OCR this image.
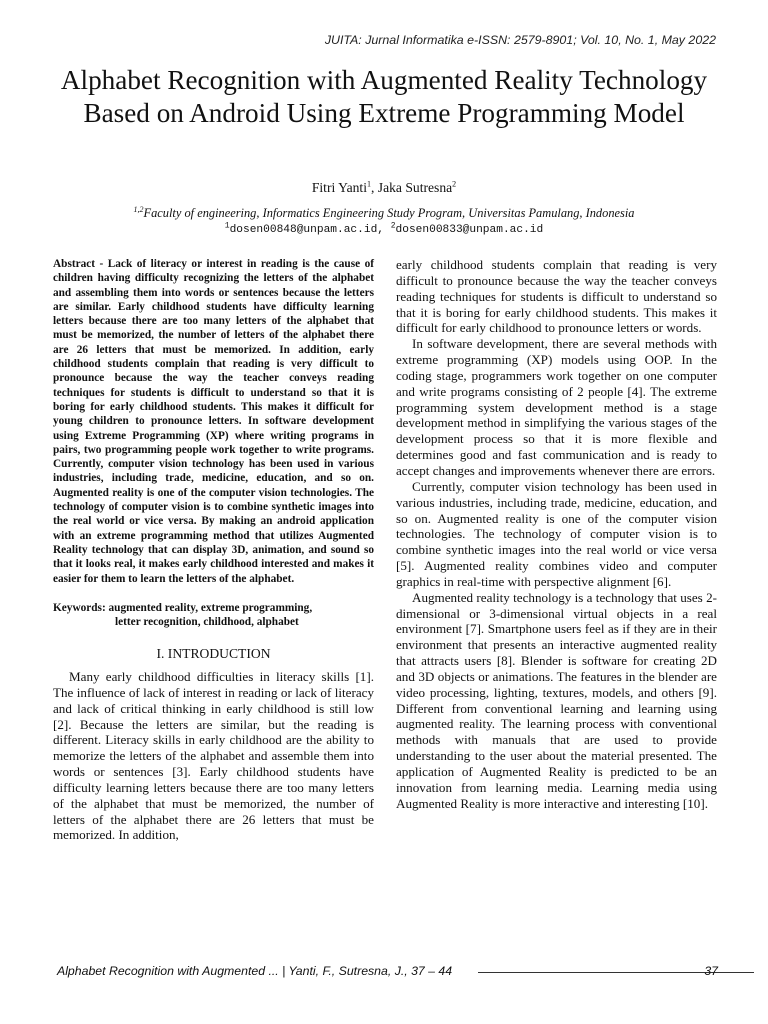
JUITA: Jurnal Informatika e-ISSN: 2579-8901; Vol. 10, No. 1, May 2022
Alphabet Recognition with Augmented Reality Technology Based on Android Using Extreme Programming Model
Fitri Yanti$^1$, Jaka Sutresna$^2$
$^{1,2}$Faculty of engineering, Informatics Engineering Study Program, Universitas Pamulang, Indonesia
$^1$dosen00848@unpam.ac.id, $^2$dosen00833@unpam.ac.id

Abstract - Lack of literacy or interest in reading is the cause of children having difficulty recognizing the letters of the alphabet and assembling them into words or sentences because the letters are similar. Early childhood students have difficulty learning letters because there are too many letters of the alphabet that must be memorized, the number of letters of the alphabet there are 26 letters that must be memorized. In addition, early childhood students complain that reading is very difficult to pronounce because the way the teacher conveys reading techniques for students is difficult to understand so that it is boring for early childhood students. This makes it difficult for young children to pronounce letters. In software development using Extreme Programming (XP) where writing programs in pairs, two programming people work together to write programs. Currently, computer vision technology has been used in various industries, including trade, medicine, education, and so on. Augmented reality is one of the computer vision technologies. The technology of computer vision is to combine synthetic images into the real world or vice versa. By making an android application with an extreme programming method that utilizes Augmented Reality technology that can display 3D, animation, and sound so that it looks real, it makes early childhood interested and makes it easier for them to learn the letters of the alphabet.

Keywords: augmented reality, extreme programming,
letter recognition, childhood, alphabet

I. INTRODUCTION

Many early childhood difficulties in literacy skills [1]. The influence of lack of interest in reading or lack of literacy and lack of critical thinking in early childhood is still low [2]. Because the letters are similar, but the reading is different. Literacy skills in early childhood are the ability to memorize the letters of the alphabet and assemble them into words or sentences [3]. Early childhood students have difficulty learning letters because there are too many letters of the alphabet that must be memorized, the number of letters of the alphabet there are 26 letters that must be memorized. In addition,

early childhood students complain that reading is very difficult to pronounce because the way the teacher conveys reading techniques for students is difficult to understand so that it is boring for early childhood students. This makes it difficult for early childhood to pronounce letters or words.

In software development, there are several methods with extreme programming (XP) models using OOP. In the coding stage, programmers work together on one computer and write programs consisting of 2 people [4]. The extreme programming system development method is a stage development method in simplifying the various stages of the development process so that it is more flexible and determines good and fast communication and is ready to accept changes and improvements whenever there are errors.

Currently, computer vision technology has been used in various industries, including trade, medicine, education, and so on. Augmented reality is one of the computer vision technologies. The technology of computer vision is to combine synthetic images into the real world or vice versa [5]. Augmented reality combines video and computer graphics in real-time with perspective alignment [6].

Augmented reality technology is a technology that uses 2-dimensional or 3-dimensional virtual objects in a real environment [7]. Smartphone users feel as if they are in their environment that presents an interactive augmented reality that attracts users [8]. Blender is software for creating 2D and 3D objects or animations. The features in the blender are video processing, lighting, textures, models, and others [9]. Different from conventional learning and learning using augmented reality. The learning process with conventional methods with manuals that are used to provide understanding to the user about the material presented. The application of Augmented Reality is predicted to be an innovation from learning media. Learning media using Augmented Reality is more interactive and interesting [10].

Alphabet Recognition with Augmented ... | Yanti, F., Sutresna, J., 37 – 44	37
